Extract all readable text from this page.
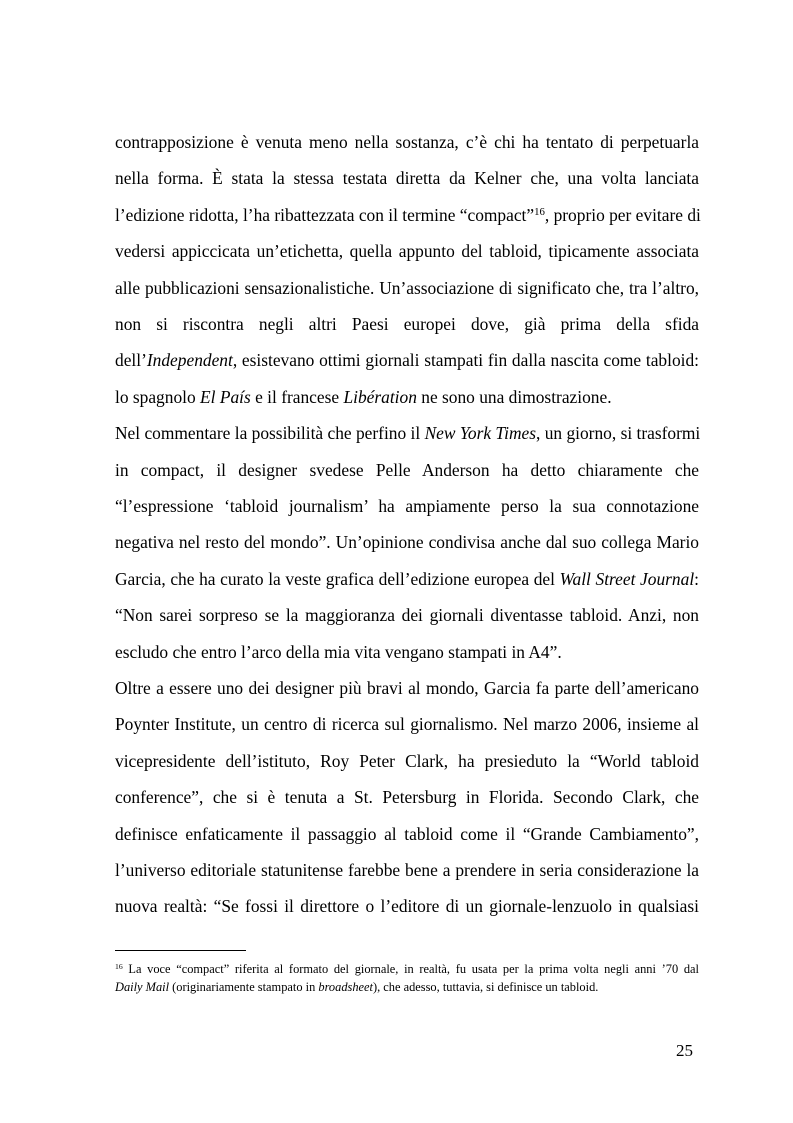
contrapposizione è venuta meno nella sostanza, c’è chi ha tentato di perpetuarla
nella forma. È stata la stessa testata diretta da Kelner che, una volta lanciata
l’edizione ridotta, l’ha ribattezzata con il termine “compact”$^{16}$, proprio per evitare di
vedersi appiccicata un’etichetta, quella appunto del tabloid, tipicamente associata
alle pubblicazioni sensazionalistiche. Un’associazione di significato che, tra l’altro,
non si riscontra negli altri Paesi europei dove, già prima della sfida
dell’Independent, esistevano ottimi giornali stampati fin dalla nascita come tabloid:
lo spagnolo El País e il francese Libération ne sono una dimostrazione.
Nel commentare la possibilità che perfino il New York Times, un giorno, si trasformi
in compact, il designer svedese Pelle Anderson ha detto chiaramente che
“l’espressione ‘tabloid journalism’ ha ampiamente perso la sua connotazione
negativa nel resto del mondo”. Un’opinione condivisa anche dal suo collega Mario
Garcia, che ha curato la veste grafica dell’edizione europea del Wall Street Journal:
“Non sarei sorpreso se la maggioranza dei giornali diventasse tabloid. Anzi, non
escludo che entro l’arco della mia vita vengano stampati in A4”.
Oltre a essere uno dei designer più bravi al mondo, Garcia fa parte dell’americano
Poynter Institute, un centro di ricerca sul giornalismo. Nel marzo 2006, insieme al
vicepresidente dell’istituto, Roy Peter Clark, ha presieduto la “World tabloid
conference”, che si è tenuta a St. Petersburg in Florida. Secondo Clark, che
definisce enfaticamente il passaggio al tabloid come il “Grande Cambiamento”,
l’universo editoriale statunitense farebbe bene a prendere in seria considerazione la
nuova realtà: “Se fossi il direttore o l’editore di un giornale-lenzuolo in qualsiasi
$^{16}$ La voce “compact” riferita al formato del giornale, in realtà, fu usata per la prima volta negli anni ’70 dal
Daily Mail (originariamente stampato in broadsheet), che adesso, tuttavia, si definisce un tabloid.
25
